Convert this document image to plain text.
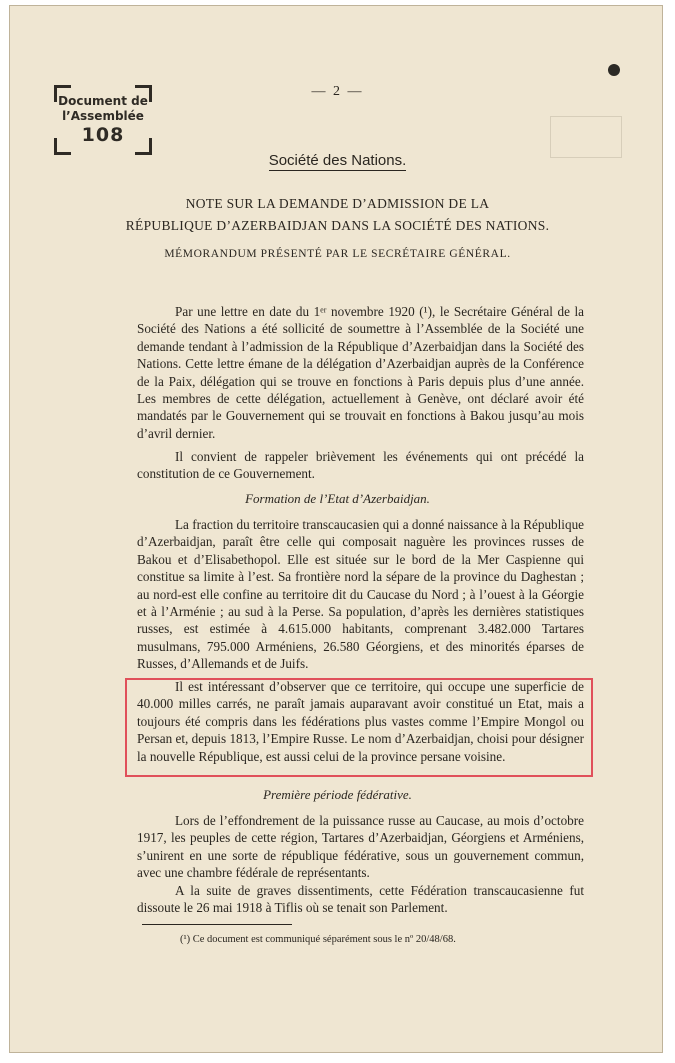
Document de
l’Assemblée
108
— 2 —
Société des Nations.
NOTE SUR LA DEMANDE D’ADMISSION DE LA
RÉPUBLIQUE D’AZERBAIDJAN DANS LA SOCIÉTÉ DES NATIONS.
MÉMORANDUM PRÉSENTÉ PAR LE SECRÉTAIRE GÉNÉRAL.

Par une lettre en date du 1ᵉʳ novembre 1920 (¹), le Secrétaire Général de la Société des Nations a été sollicité de soumettre à l’Assemblée de la Société une demande tendant à l’admission de la République d’Azerbaidjan dans la Société des Nations. Cette lettre émane de la délégation d’Azerbaidjan auprès de la Conférence de la Paix, délégation qui se trouve en fonctions à Paris depuis plus d’une année. Les membres de cette délégation, actuellement à Genève, ont déclaré avoir été mandatés par le Gouvernement qui se trouvait en fonctions à Bakou jusqu’au mois d’avril dernier.

Il convient de rappeler brièvement les événements qui ont précédé la constitution de ce Gouvernement.

Formation de l’Etat d’Azerbaidjan.

La fraction du territoire transcaucasien qui a donné naissance à la République d’Azerbaidjan, paraît être celle qui composait naguère les provinces russes de Bakou et d’Elisabethopol. Elle est située sur le bord de la Mer Caspienne qui constitue sa limite à l’est. Sa frontière nord la sépare de la province du Daghestan ; au nord-est elle confine au territoire dit du Caucase du Nord ; à l’ouest à la Géorgie et à l’Arménie ; au sud à la Perse. Sa population, d’après les dernières statistiques russes, est estimée à 4.615.000 habitants, comprenant 3.482.000 Tartares musulmans, 795.000 Arméniens, 26.580 Géorgiens, et des minorités éparses de Russes, d’Allemands et de Juifs.

Il est intéressant d’observer que ce territoire, qui occupe une superficie de 40.000 milles carrés, ne paraît jamais auparavant avoir constitué un Etat, mais a toujours été compris dans les fédérations plus vastes comme l’Empire Mongol ou Persan et, depuis 1813, l’Empire Russe. Le nom d’Azerbaidjan, choisi pour désigner la nouvelle République, est aussi celui de la province persane voisine.

Première période fédérative.

Lors de l’effondrement de la puissance russe au Caucase, au mois d’octobre 1917, les peuples de cette région, Tartares d’Azerbaidjan, Géorgiens et Arméniens, s’unirent en une sorte de république fédérative, sous un gouvernement commun, avec une chambre fédérale de représentants.

A la suite de graves dissentiments, cette Fédération transcaucasienne fut dissoute le 26 mai 1918 à Tiflis où se tenait son Parlement.

(¹) Ce document est communiqué séparément sous le nº 20/48/68.
